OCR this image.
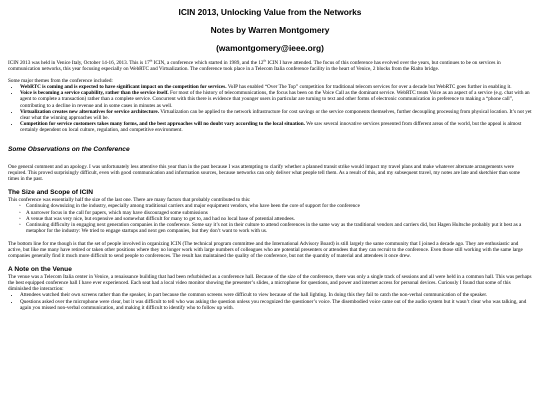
ICIN 2013, Unlocking Value from the Networks
Notes by Warren Montgomery
(wamontgomery@ieee.org)

ICIN 2013 was held in Venice Italy, October 14-16, 2013. This is 17th ICIN, a conference which started in 1989, and the 12th ICIN I have attended. The focus of this conference has evolved over the years, but continues to be on services in communication networks, this year focusing especially on WebRTC and Virtualization. The conference took place in a Telecom Italia conference facility in the heart of Venice, 2 blocks from the Rialto bridge.

Some major themes from the conference included:

• WebRTC is coming and is expected to have significant impact on the competition for services. VoIP has enabled “Over The Top” competition for traditional telecom services for over a decade but WebRTC goes further in enabling it.
• Voice is becoming a service capability, rather than the service itself. For most of the history of telecommunications, the focus has been on the Voice Call as the dominant service. WebRTC treats Voice as an aspect of a service (e.g. chat with an agent to complete a transaction) rather than a complete service. Concurrent with this there is evidence that younger users in particular are turning to text and other forms of electronic communication in preference to making a “phone call”, contributing to a decline in revenue and in some cases in minutes as well.
• Virtualization creates new alternatives for service architecture. Virtualization can be applied to the network infrastructure for cost savings or the service components themselves, further decoupling processing from physical location. It’s not yet clear what the winning approaches will be.
• Competition for service customers takes many forms, and the best approaches will no doubt vary according to the local situation. We saw several innovative services presented from different areas of the world, but the appeal is almost certainly dependent on local culture, regulation, and competitive environment.
Some Observations on the Conference

One general comment and an apology. I was unfortunately less attentive this year than in the past because I was attempting to clarify whether a planned transit strike would impact my travel plans and make whatever alternate arrangements were required. This proved surprisingly difficult, even with good communication and information sources, because networks can only deliver what people tell them. As a result of this, and my subsequent travel, my notes are late and sketchier than some times in the past.

The Size and Scope of ICIN

This conference was essentially half the size of the last one. There are many factors that probably contributed to this:

◦ Continuing downsizing in the industry, especially among traditional carriers and major equipment vendors, who have been the core of support for the conference
◦ A narrower focus in the call for papers, which may have discouraged some submissions
◦ A venue that was very nice, but expensive and somewhat difficult for many to get to, and had no local base of potential attendees.
◦ Continuing difficulty in engaging next generation companies in the conference. Some say it’s not in their culture to attend conferences in the same way as the traditional vendors and carriers did, but Hagen Hultsche probably put it best as a metaphor for the industry: We tried to engage startups and next gen companies, but they don’t want to work with us.

The bottom line for me though is that the set of people involved in organizing ICIN (The technical program committee and the International Advisory Board) is still largely the same community that I joined a decade ago. They are enthusiastic and active, but like me many have retired or taken other positions where they no longer work with large numbers of colleagues who are potential presenters or attendees that they can recruit to the conference. Even those still working with the same large companies generally find it much more difficult to send people to conferences. The result has maintained the quality of the conference, but not the quantity of material and attendees it once drew.

A Note on the Venue

The venue was a Telecom Italia center in Venice, a renaissance building that had been refurbished as a conference hall. Because of the size of the conference, there was only a single track of sessions and all were held in a common hall. This was perhaps the best equipped conference hall I have ever experienced. Each seat had a local video monitor showing the presenter’s slides, a microphone for questions, and power and internet access for personal devices. Curiously I found that some of this diminished the interaction:

• Attendees watched their own screens rather than the speaker, in part because the common screens were difficult to view because of the hall lighting. In doing this they fail to catch the non-verbal communication of the speaker.
• Questions asked over the microphone were clear, but it was difficult to tell who was asking the question unless you recognized the questioner’s voice. The disembodied voice came out of the audio system but it wasn’t clear who was talking, and again you missed non-verbal communication, and making it difficult to identify who to follow up with.
